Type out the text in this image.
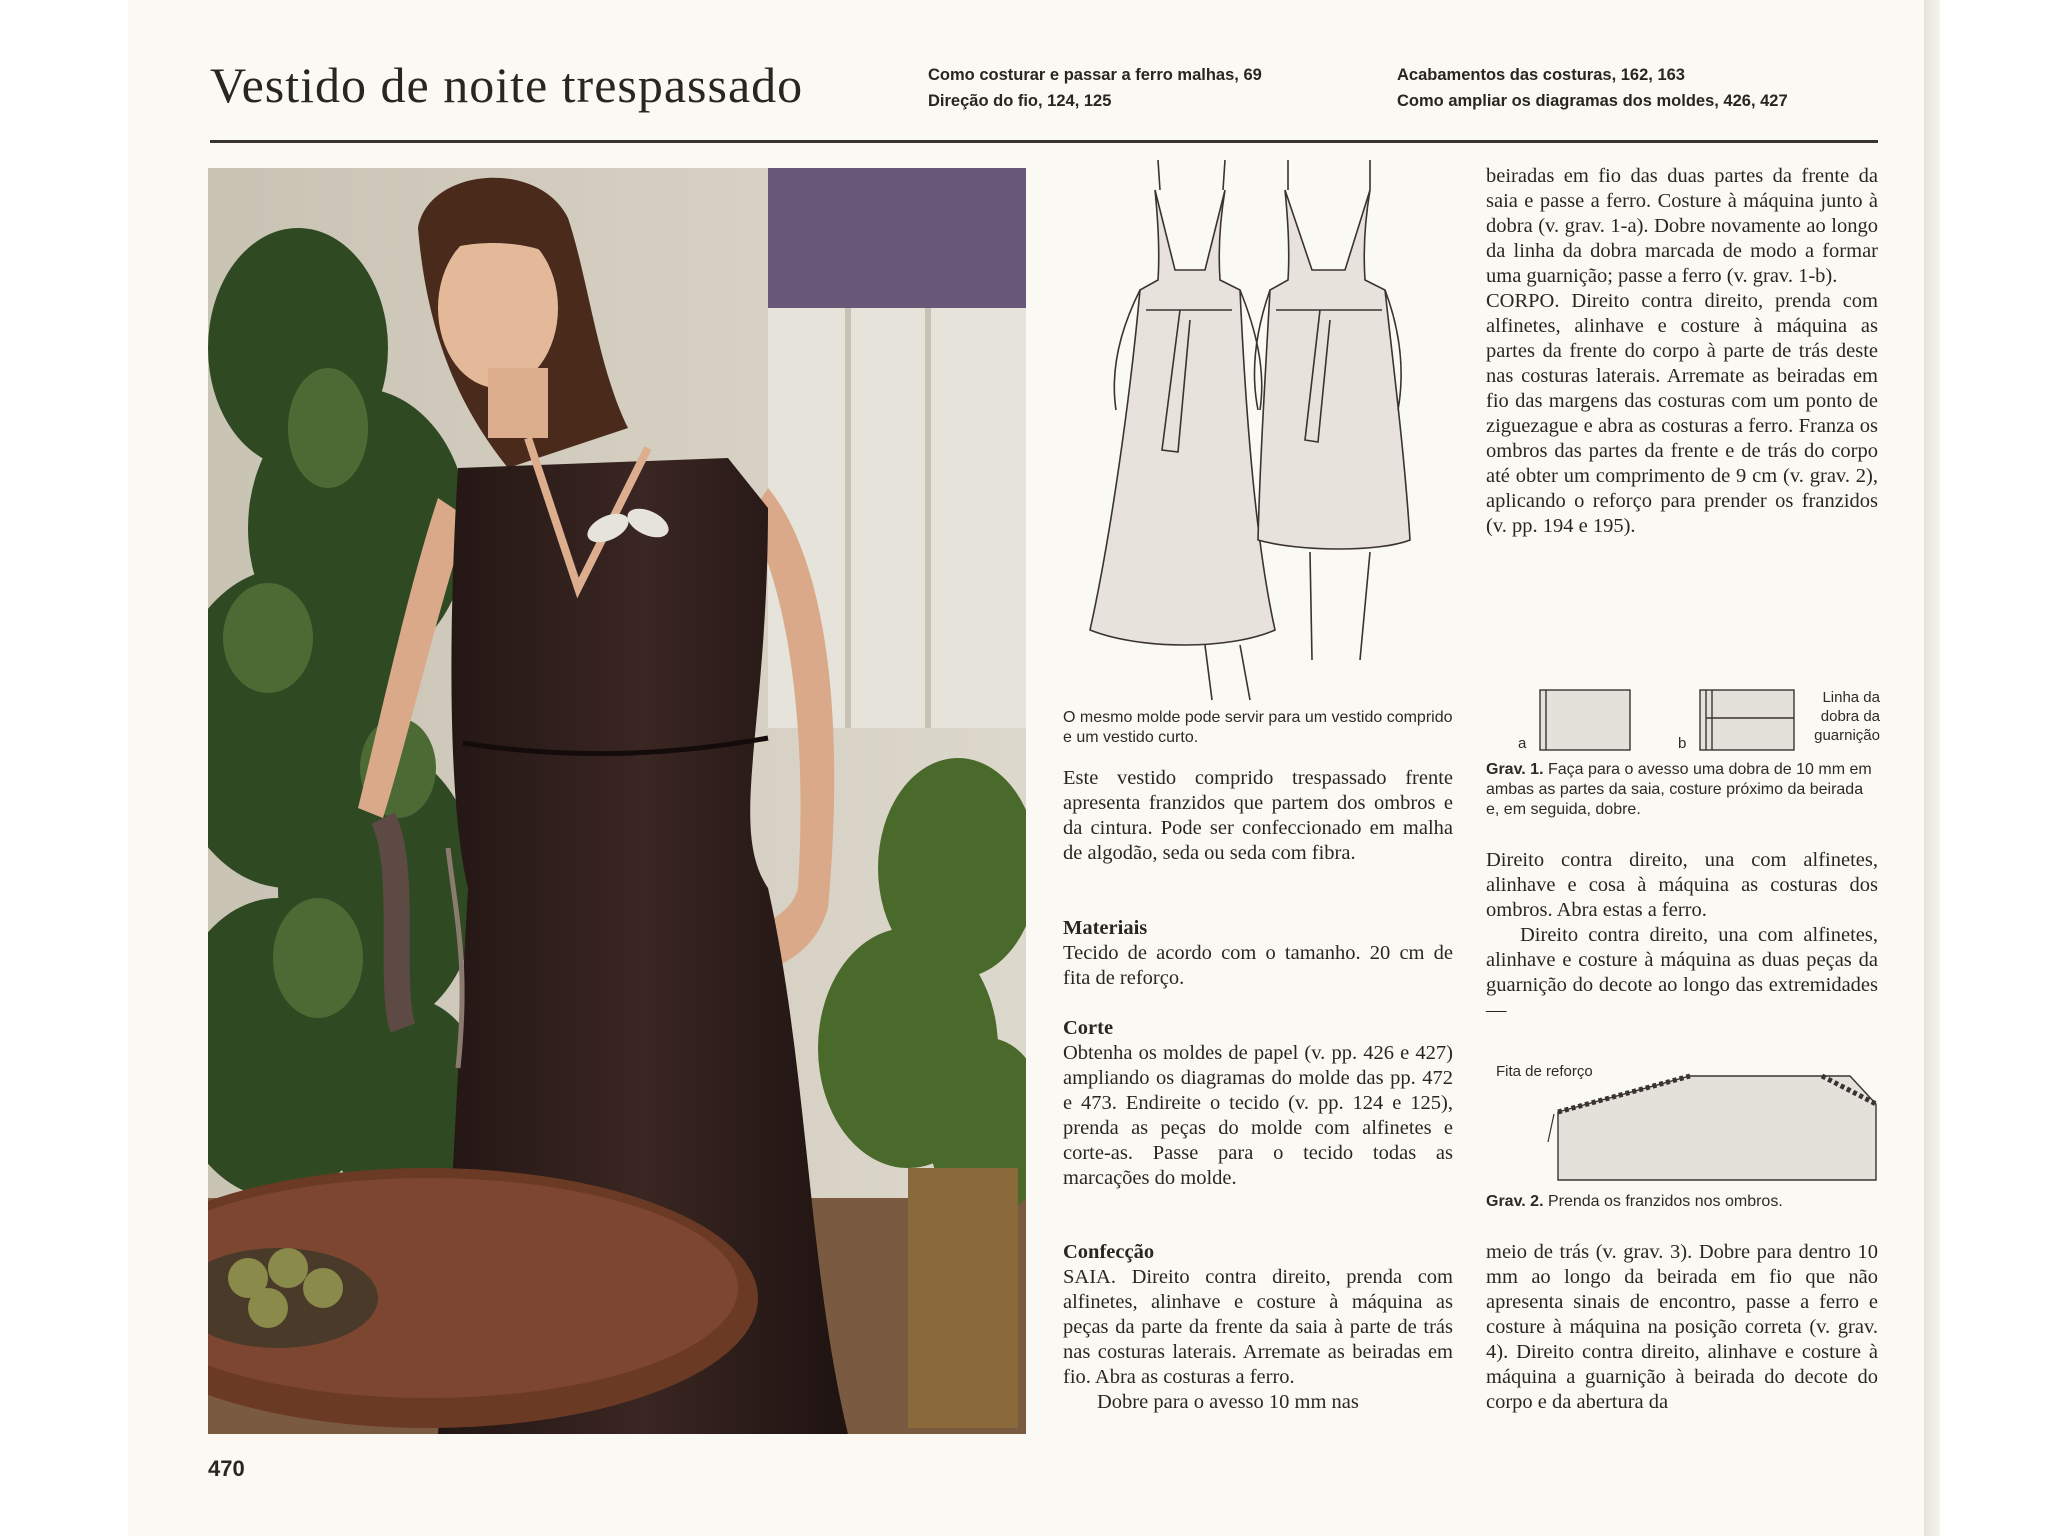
Vestido de noite trespassado	Como costurar e passar a ferro malhas, 69
Direção do fio, 124, 125
Acabamentos das costuras, 162, 163
Como ampliar os diagramas dos moldes, 426, 427
O mesmo molde pode servir para um vestido comprido e um vestido curto.
Este vestido comprido trespassado frente apresenta franzidos que partem dos ombros e da cintura. Pode ser confeccionado em malha de algodão, seda ou seda com fibra.

Materiais

Tecido de acordo com o tamanho. 20 cm de fita de reforço.

Corte

Obtenha os moldes de papel (v. pp. 426 e 427) ampliando os diagramas do molde das pp. 472 e 473. Endireite o tecido (v. pp. 124 e 125), prenda as peças do molde com alfinetes e corte-as. Passe para o tecido todas as marcações do molde.

Confecção

SAIA. Direito contra direito, prenda com alfinetes, alinhave e costure à máquina as peças da parte da frente da saia à parte de trás nas costuras laterais. Arremate as beiradas em fio. Abra as costuras a ferro.

Dobre para o avesso 10 mm nas

beiradas em fio das duas partes da frente da saia e passe a ferro. Costure à máquina junto à dobra (v. grav. 1-a). Dobre novamente ao longo da linha da dobra marcada de modo a formar uma guarnição; passe a ferro (v. grav. 1-b).

CORPO. Direito contra direito, prenda com alfinetes, alinhave e costure à máquina as partes da frente do corpo à parte de trás deste nas costuras laterais. Arremate as beiradas em fio das margens das costuras com um ponto de ziguezague e abra as costuras a ferro. Franza os ombros das partes da frente e de trás do corpo até obter um comprimento de 9 cm (v. grav. 2), aplicando o reforço para prender os franzidos (v. pp. 194 e 195).

a	b
Linha da dobra da guarnição
Grav. 1. Faça para o avesso uma dobra de 10 mm em ambas as partes da saia, costure próximo da beirada e, em seguida, dobre.

Direito contra direito, una com alfinetes, alinhave e cosa à máquina as costuras dos ombros. Abra estas a ferro.

Direito contra direito, una com alfinetes, alinhave e costure à máquina as duas peças da guarnição do decote ao longo das extremidades—

Fita de reforço
Grav. 2. Prenda os franzidos nos ombros.
meio de trás (v. grav. 3). Dobre para dentro 10 mm ao longo da beirada em fio que não apresenta sinais de encontro, passe a ferro e costure à máquina na posição correta (v. grav. 4). Direito contra direito, alinhave e costure à máquina a guarnição à beirada do decote do corpo e da abertura da
470
